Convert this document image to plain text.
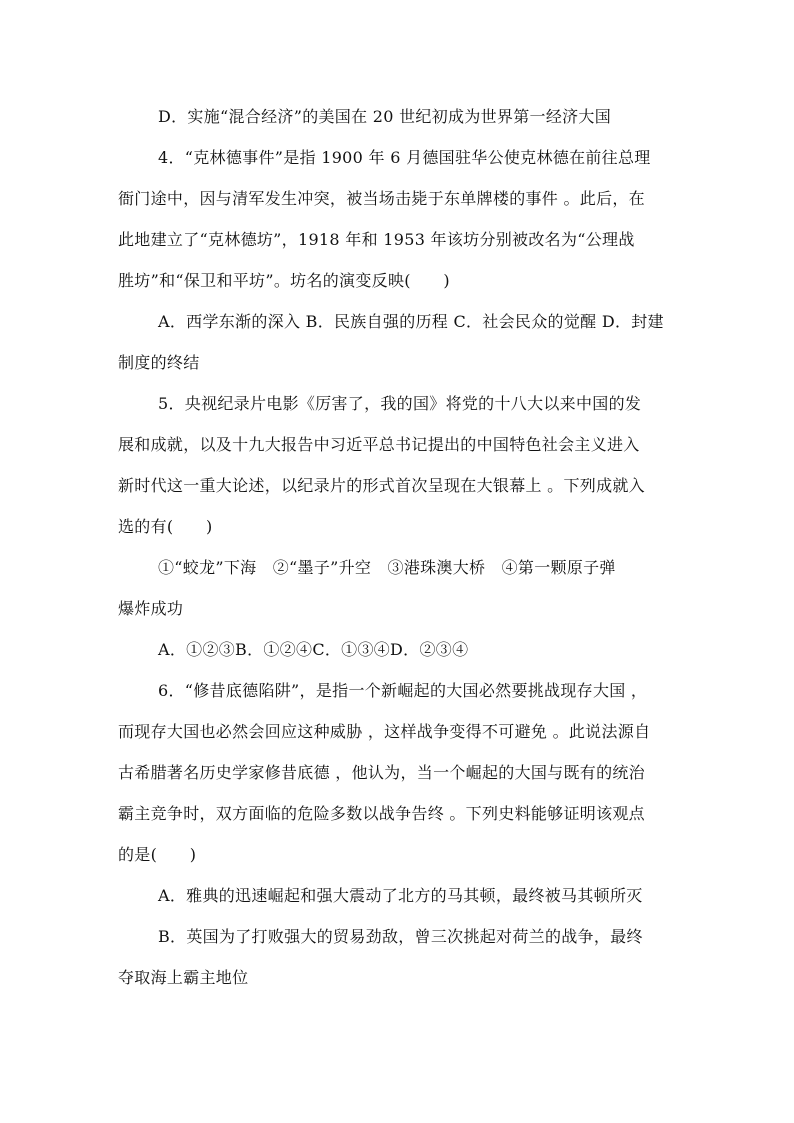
D．实施“混合经济”的美国在 20 世纪初成为世界第一经济大国
4．“克林德事件”是指 1900 年 6 月德国驻华公使克林德在前往总理
衙门途中，因与清军发生冲突，被当场击毙于东单牌楼的事件 。此后，在
此地建立了“克林德坊”，1918 年和 1953 年该坊分别被改名为“公理战
胜坊”和“保卫和平坊”。坊名的演变反映(　　)
A．西学东渐的深入 B．民族自强的历程 C．社会民众的觉醒 D．封建
制度的终结
5．央视纪录片电影《厉害了，我的国》将党的十八大以来中国的发
展和成就，以及十九大报告中习近平总书记提出的中国特色社会主义进入
新时代这一重大论述，以纪录片的形式首次呈现在大银幕上 。下列成就入
选的有(　　)
①“蛟龙”下海　②“墨子”升空　③港珠澳大桥　④第一颗原子弹
爆炸成功
A．①②③B．①②④C．①③④D．②③④
6．“修昔底德陷阱”，是指一个新崛起的大国必然要挑战现存大国 ，
而现存大国也必然会回应这种威胁 ，这样战争变得不可避免 。此说法源自
古希腊著名历史学家修昔底德 ，他认为，当一个崛起的大国与既有的统治
霸主竞争时，双方面临的危险多数以战争告终 。下列史料能够证明该观点
的是(　　)
A．雅典的迅速崛起和强大震动了北方的马其顿，最终被马其顿所灭
B．英国为了打败强大的贸易劲敌，曾三次挑起对荷兰的战争，最终
夺取海上霸主地位
